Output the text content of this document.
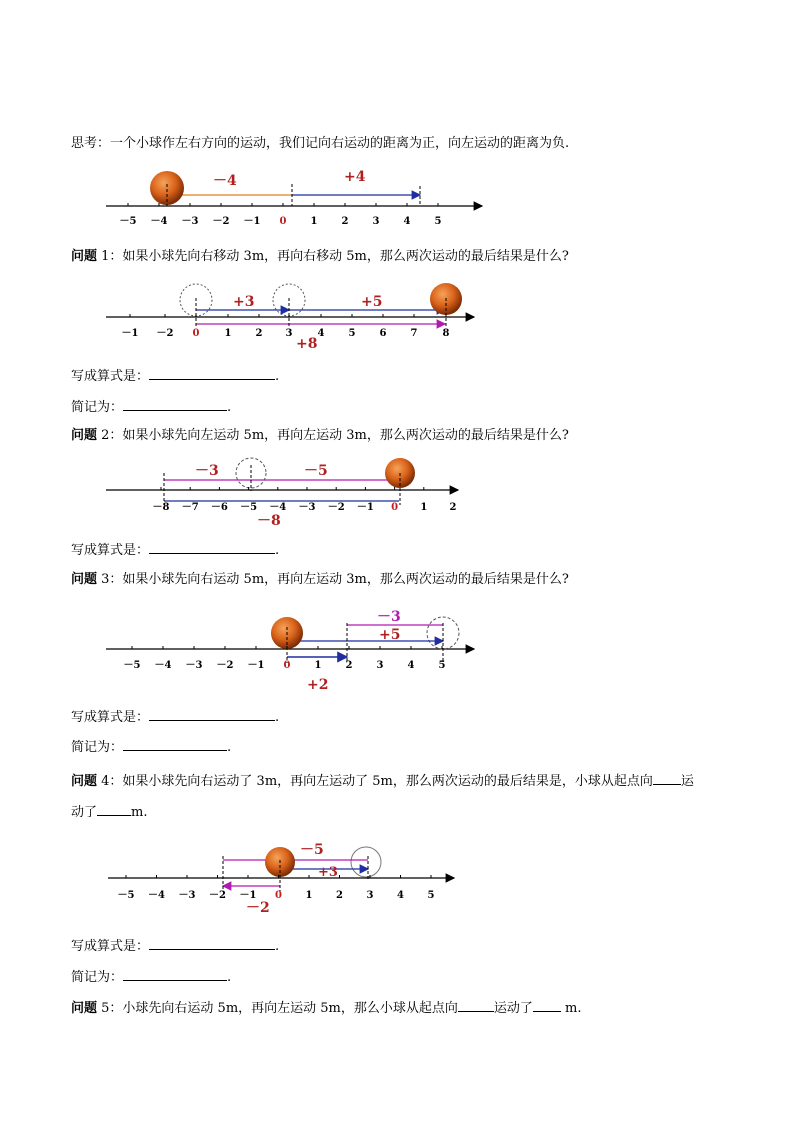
思考：一个小球作左右方向的运动，我们记向右运动的距离为正，向左运动的距离为负.
－4	+4
－5 －4 －3 －2 －1 0 1 2 3 4 5
问题 1：如果小球先向右移动 3m，再向右移动 5m，那么两次运动的最后结果是什么?
+3	+5
+8
－1 －2 0	1 2 3	4 5 6 7	8
写成算式是：	.
简记为：	.
问题 2：如果小球先向左运动 5m，再向左运动 3m，那么两次运动的最后结果是什么?
－3	－5
－8
－8 －7 －6 －5 －4 －3 －2 －1 0 1 2
写成算式是：	.
问题 3：如果小球先向右运动 5m，再向左运动 3m，那么两次运动的最后结果是什么?
－3
+5
+2
－5 －4 －3 －2 －1 0 1 2 3 4 5
写成算式是：	.
简记为：	.
问题 4：如果小球先向右运动了 3m，再向左运动了 5m，那么两次运动的最后结果是，小球从起点向 运
动了	m.
－5
+3
－2
－5 －4 －3 －2 －1 0 1 2 3 4 5
写成算式是：	.
简记为：	.
问题 5：小球先向右运动 5m，再向左运动 5m，那么小球从起点向	运动了 m.
